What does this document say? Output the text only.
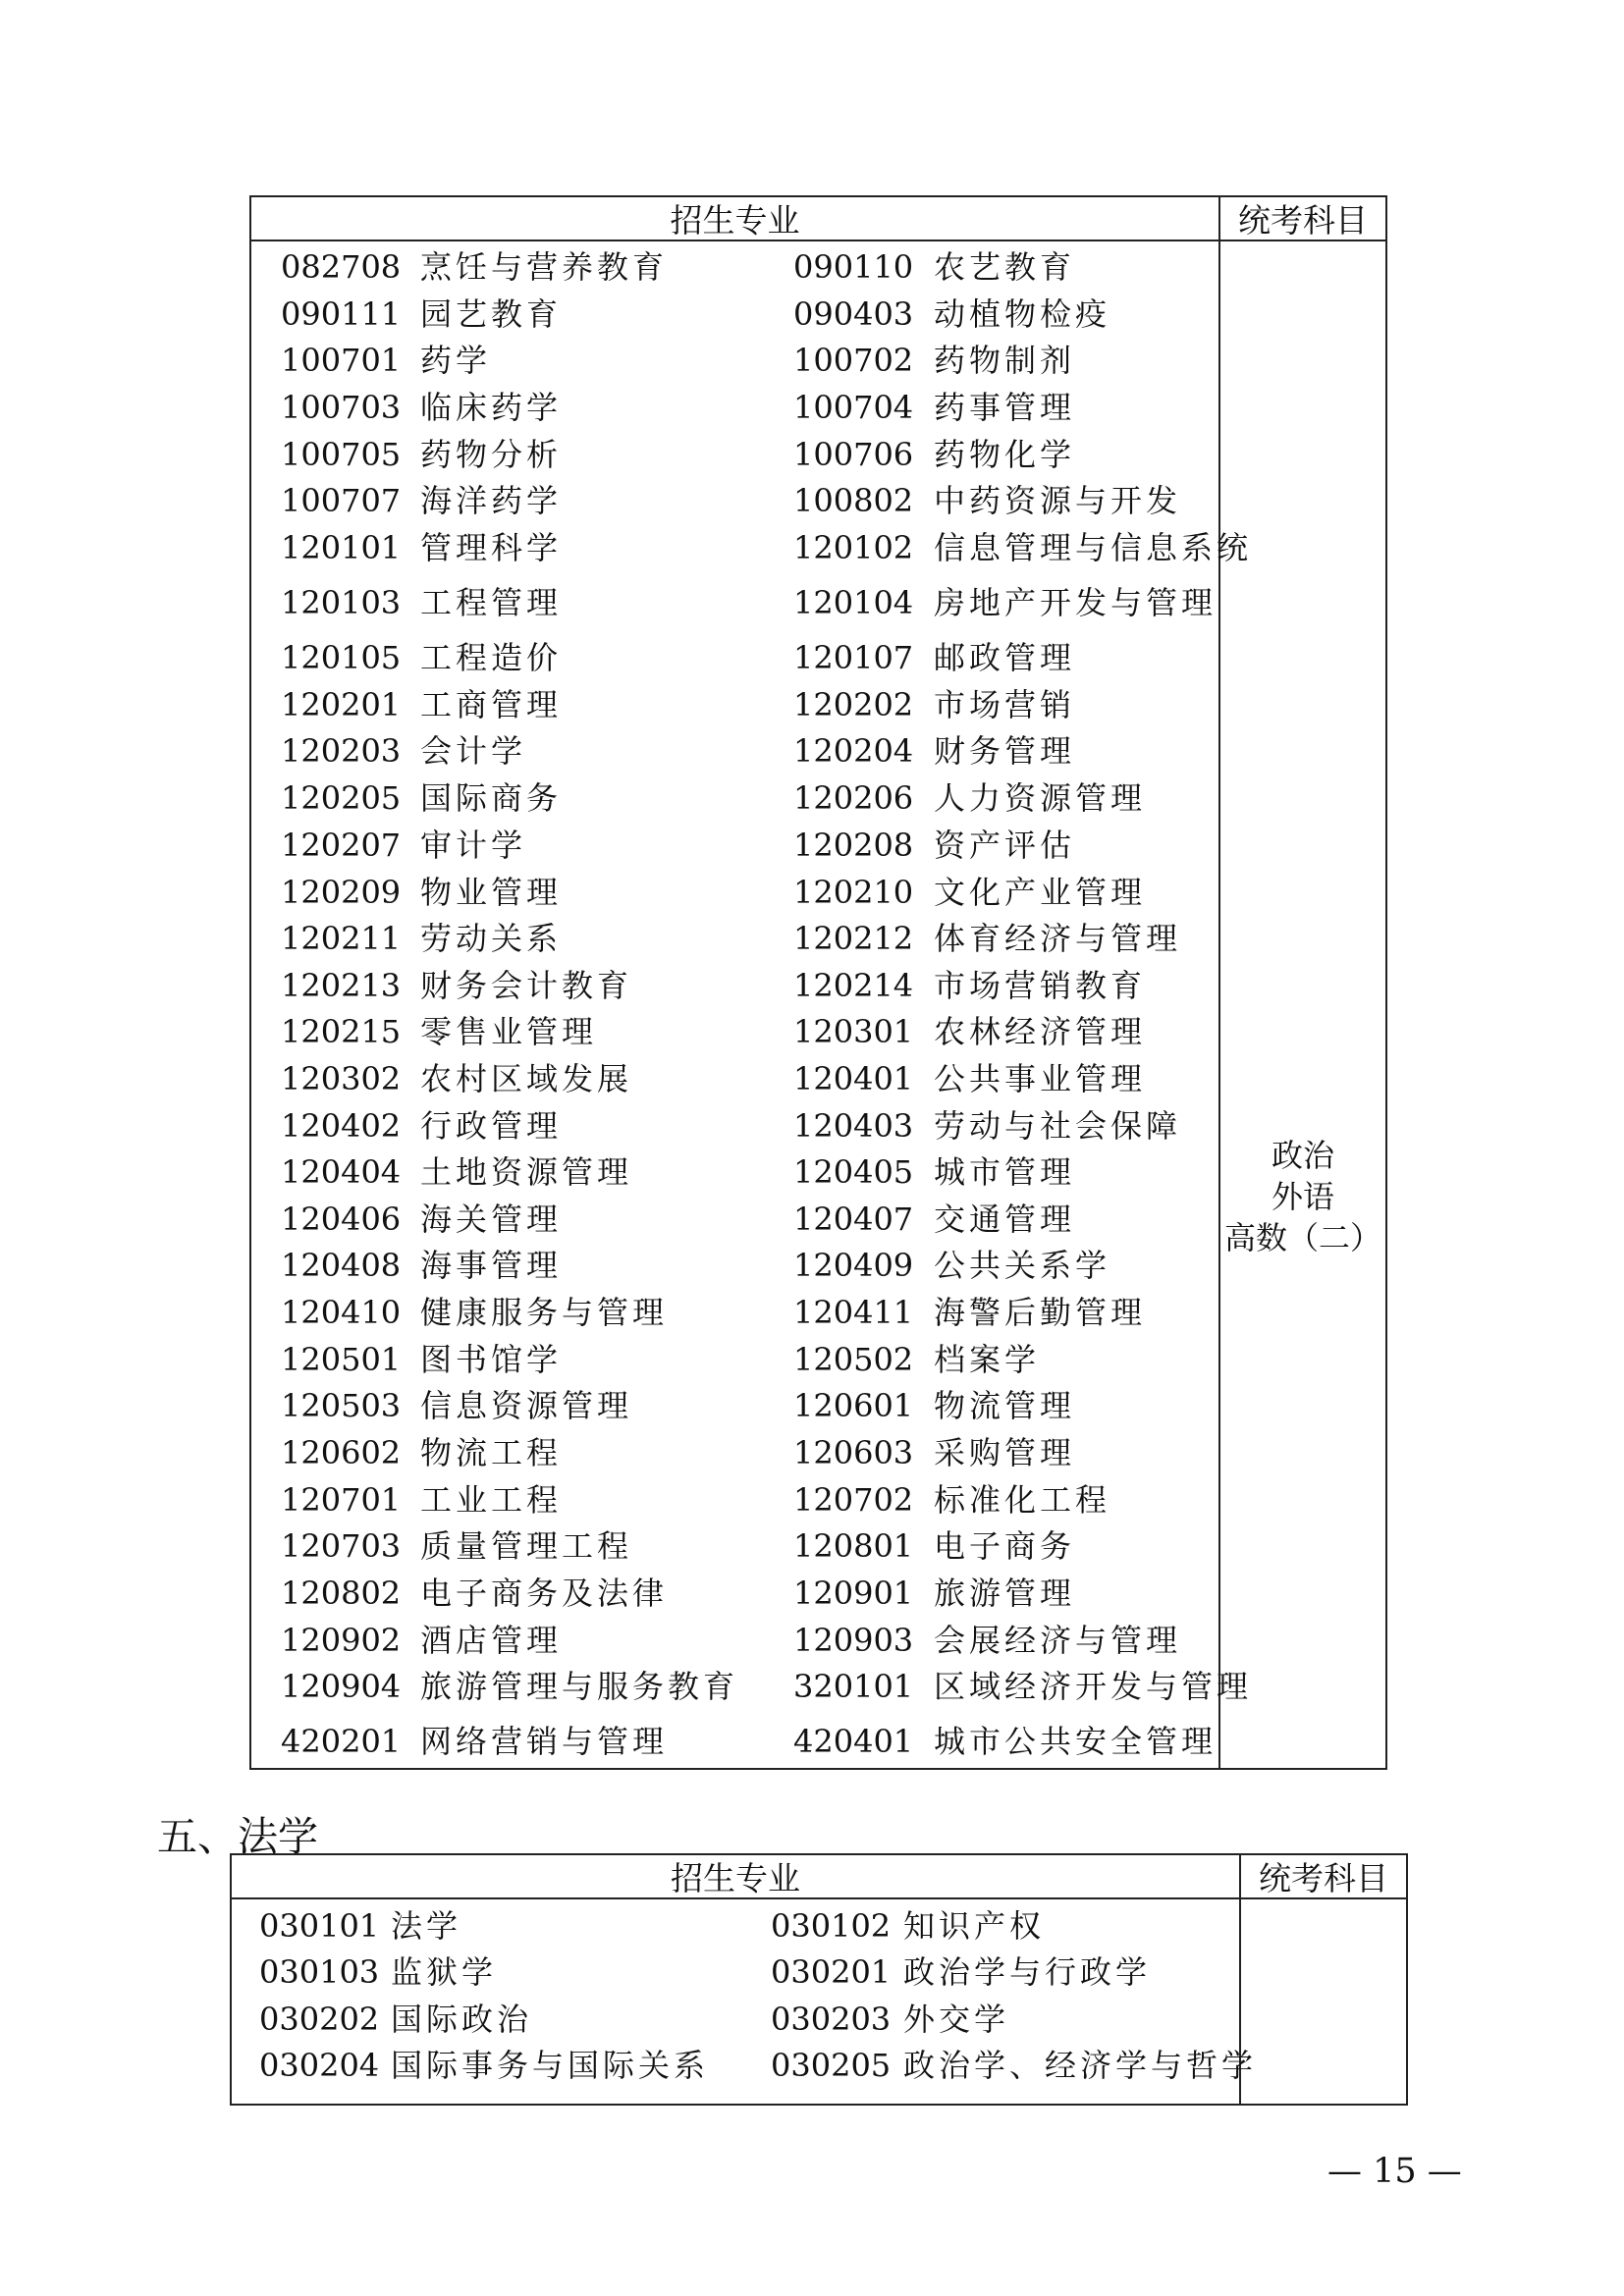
招生专业	统考科目
082708 烹饪与营养教育	090110 农艺教育
090111 园艺教育	090403 动植物检疫
100701 药学	100702 药物制剂
100703 临床药学	100704 药事管理
100705 药物分析	100706 药物化学
100707 海洋药学	100802 中药资源与开发
120101 管理科学	120102 信息管理与信息系统
120103 工程管理	120104 房地产开发与管理
120105 工程造价	120107 邮政管理
120201 工商管理	120202 市场营销
120203 会计学	120204 财务管理
120205 国际商务	120206 人力资源管理
120207 审计学	120208 资产评估
120209 物业管理	120210 文化产业管理
120211 劳动关系	120212 体育经济与管理
120213 财务会计教育	120214 市场营销教育
120215 零售业管理	120301 农林经济管理
120302 农村区域发展	120401 公共事业管理
120402 行政管理	120403 劳动与社会保障
120404 土地资源管理	120405 城市管理
120406 海关管理	120407 交通管理
120408 海事管理	120409 公共关系学
120410 健康服务与管理	120411 海警后勤管理
120501 图书馆学	120502 档案学
120503 信息资源管理	120601 物流管理
120602 物流工程	120603 采购管理
120701 工业工程	120702 标准化工程
120703 质量管理工程	120801 电子商务
120802 电子商务及法律	120901 旅游管理
120902 酒店管理	120903 会展经济与管理
120904 旅游管理与服务教育 320101 区域经济开发与管理
420201 网络营销与管理	420401 城市公共安全管理
政治
外语
高数（二）
五、法学
招生专业	统考科目
030101 法学	030102 知识产权
030103 监狱学	030201 政治学与行政学
030202 国际政治	030203 外交学
030204 国际事务与国际关系 030205 政治学、经济学与哲学
— 15 —
